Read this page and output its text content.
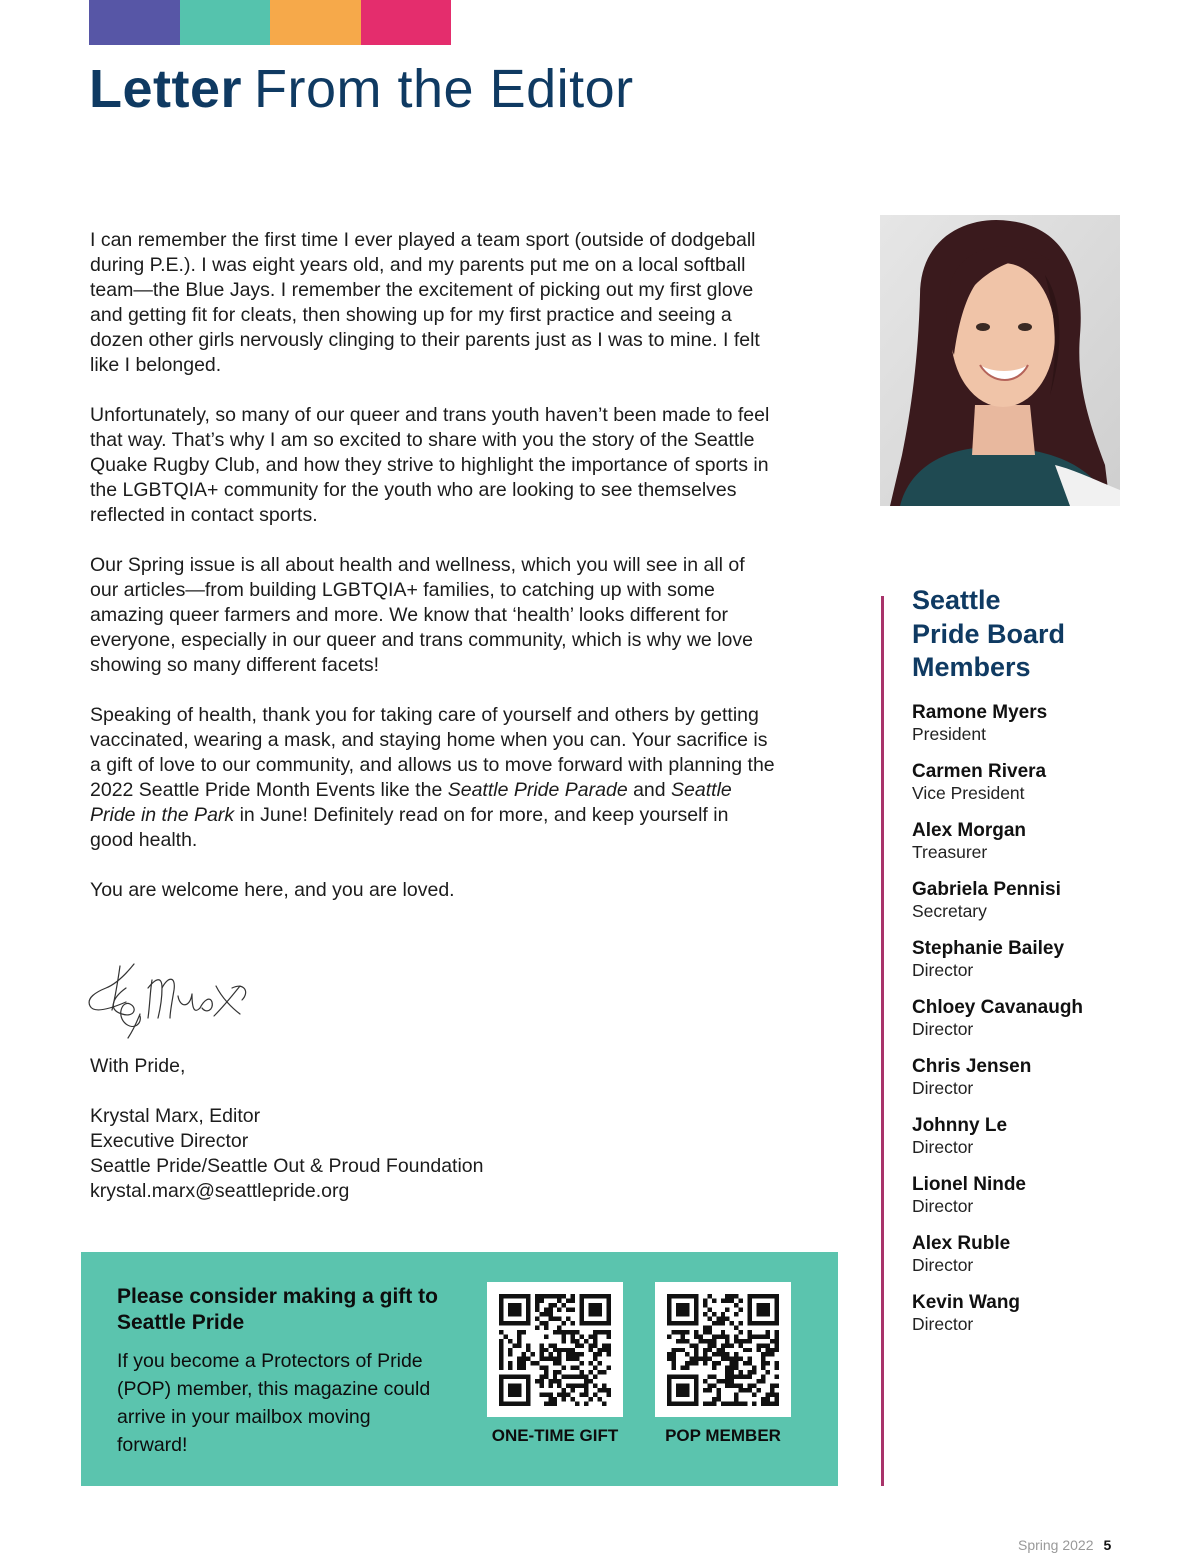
Letter From the Editor

I can remember the first time I ever played a team sport (outside of dodgeball during P.E.). I was eight years old, and my parents put me on a local softball team—the Blue Jays. I remember the excitement of picking out my first glove and getting fit for cleats, then showing up for my first practice and seeing a dozen other girls nervously clinging to their parents just as I was to mine. I felt like I belonged.

Unfortunately, so many of our queer and trans youth haven’t been made to feel that way. That’s why I am so excited to share with you the story of the Seattle Quake Rugby Club, and how they strive to highlight the importance of sports in the LGBTQIA+ community for the youth who are looking to see themselves reflected in contact sports.

Our Spring issue is all about health and wellness, which you will see in all of our articles—from building LGBTQIA+ families, to catching up with some amazing queer farmers and more. We know that ‘health’ looks different for everyone, especially in our queer and trans community, which is why we love showing so many different facets!

Speaking of health, thank you for taking care of yourself and others by getting vaccinated, wearing a mask, and staying home when you can. Your sacrifice is a gift of love to our community, and allows us to move forward with planning the 2022 Seattle Pride Month Events like the Seattle Pride Parade and Seattle Pride in the Park in June! Definitely read on for more, and keep yourself in good health.

You are welcome here, and you are loved.

With Pride,
Krystal Marx, Editor
Executive Director
Seattle Pride/Seattle Out & Proud Foundation
krystal.marx@seattlepride.org
Seattle
Pride Board
Members
Ramone Myers
President
Carmen Rivera
Vice President
Alex Morgan
Treasurer
Gabriela Pennisi
Secretary
Stephanie Bailey
Director
Chloey Cavanaugh
Director
Chris Jensen
Director
Johnny Le
Director
Lionel Ninde
Director
Alex Ruble
Director
Kevin Wang
Director
Please consider making a gift to Seattle Pride
If you become a Protectors of Pride (POP) member, this magazine could arrive in your mailbox moving forward!	ONE-TIME GIFT	POP MEMBER
Spring 2022 5
